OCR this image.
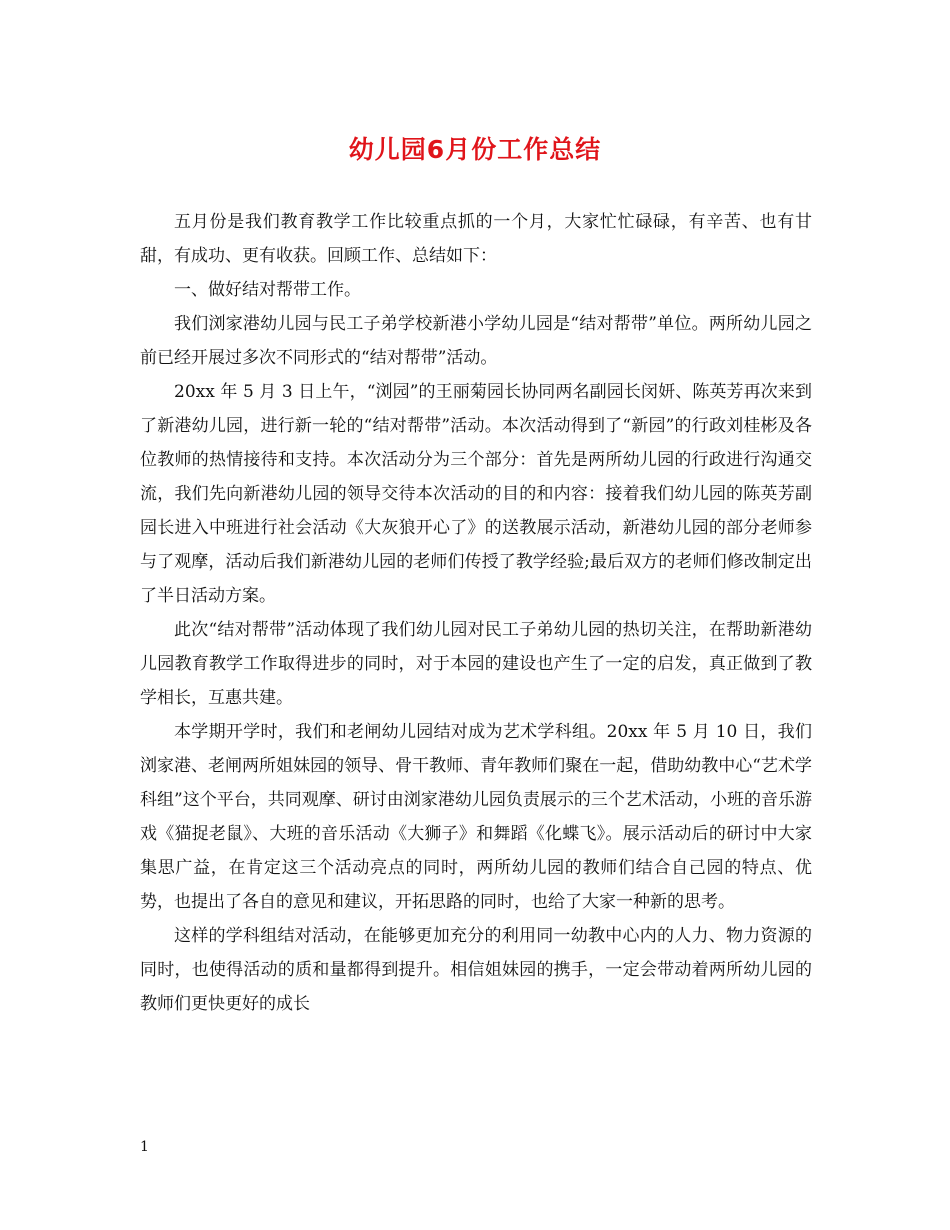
幼儿园6月份工作总结

五月份是我们教育教学工作比较重点抓的一个月，大家忙忙碌碌，有辛苦、也有甘甜，有成功、更有收获。回顾工作、总结如下：

一、做好结对帮带工作。

我们浏家港幼儿园与民工子弟学校新港小学幼儿园是“结对帮带”单位。两所幼儿园之前已经开展过多次不同形式的“结对帮带”活动。

20xx 年 5 月 3 日上午，“浏园”的王丽菊园长协同两名副园长闵妍、陈英芳再次来到了新港幼儿园，进行新一轮的“结对帮带”活动。本次活动得到了“新园”的行政刘桂彬及各位教师的热情接待和支持。本次活动分为三个部分：首先是两所幼儿园的行政进行沟通交流，我们先向新港幼儿园的领导交待本次活动的目的和内容：接着我们幼儿园的陈英芳副园长进入中班进行社会活动《大灰狼开心了》的送教展示活动，新港幼儿园的部分老师参与了观摩，活动后我们新港幼儿园的老师们传授了教学经验;最后双方的老师们修改制定出了半日活动方案。

此次“结对帮带”活动体现了我们幼儿园对民工子弟幼儿园的热切关注，在帮助新港幼儿园教育教学工作取得进步的同时，对于本园的建设也产生了一定的启发，真正做到了教学相长，互惠共建。

本学期开学时，我们和老闸幼儿园结对成为艺术学科组。20xx 年 5 月 10 日，我们浏家港、老闸两所姐妹园的领导、骨干教师、青年教师们聚在一起，借助幼教中心“艺术学科组”这个平台，共同观摩、研讨由浏家港幼儿园负责展示的三个艺术活动，小班的音乐游戏《猫捉老鼠》、大班的音乐活动《大狮子》和舞蹈《化蝶飞》。展示活动后的研讨中大家集思广益，在肯定这三个活动亮点的同时，两所幼儿园的教师们结合自己园的特点、优势，也提出了各自的意见和建议，开拓思路的同时，也给了大家一种新的思考。

这样的学科组结对活动，在能够更加充分的利用同一幼教中心内的人力、物力资源的同时，也使得活动的质和量都得到提升。相信姐妹园的携手，一定会带动着两所幼儿园的教师们更快更好的成长

1
